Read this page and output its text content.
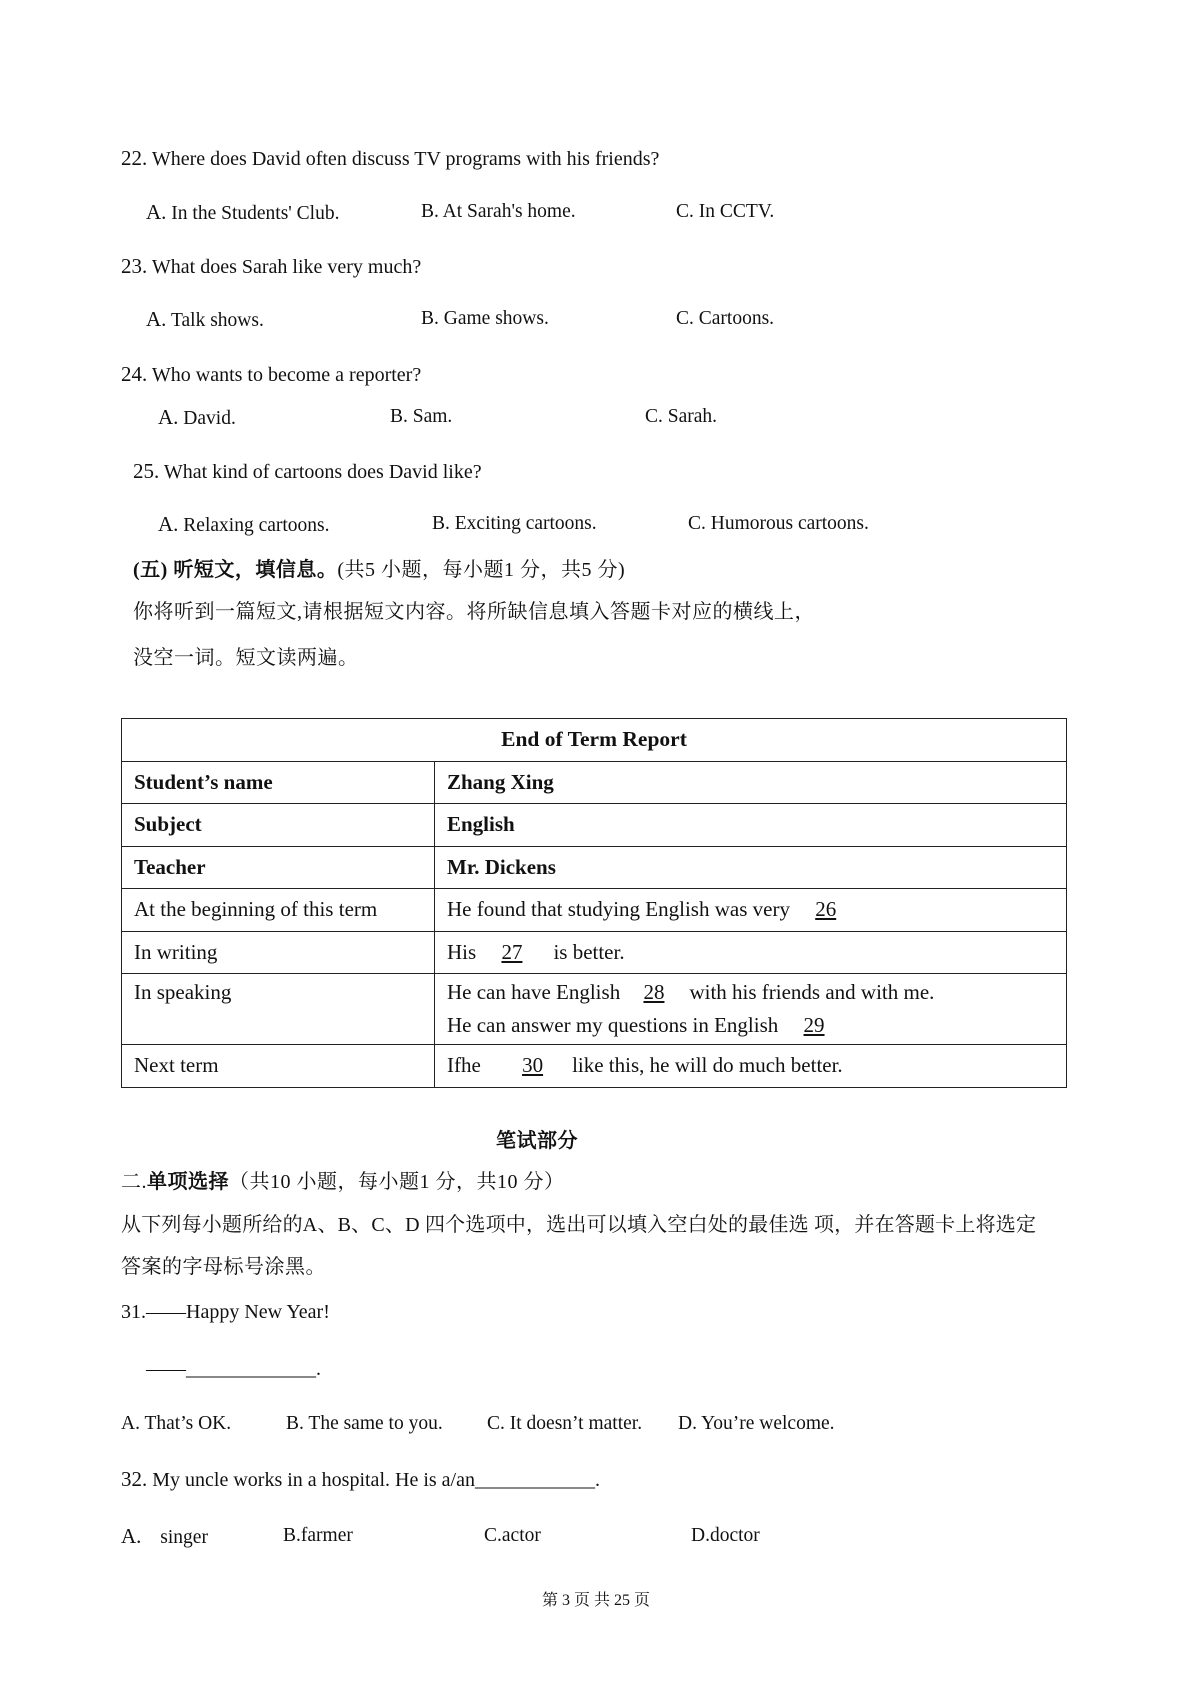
22. Where does David often discuss TV programs with his friends?
A. In the Students' Club.	B. At Sarah's home.	C. In CCTV.
23. What does Sarah like very much?
A. Talk shows.	B. Game shows.	C. Cartoons.
24. Who wants to become a reporter?
A. David.	B. Sam.	C. Sarah.
25. What kind of cartoons does David like?
A. Relaxing cartoons.	B. Exciting cartoons.	C. Humorous cartoons.
(五) 听短文，填信息。(共5 小题，每小题1 分，共5 分)
你将听到一篇短文,请根据短文内容。将所缺信息填入答题卡对应的横线上，
没空一词。短文读两遍。
End of Term Report	
Student’s name	Zhang Xing
Subject	English
Teacher	Mr. Dickens
At the beginning of this term	He found that studying English was very 26
In writing	His 27 is better.
In speaking	He can have English 28 with his friends and with me.
He can answer my questions in English 29

Next term	Ifhe 30 like this, he will do much better.
笔试部分
二.单项选择（共10 小题，每小题1 分，共10 分）
从下列每小题所给的A、B、C、D 四个选项中，选出可以填入空白处的最佳选 项，并在答题卡上将选定
答案的字母标号涂黑。
31.——Happy New Year!
——_____________.
A. That’s OK.	B. The same to you. C. It doesn’t matter. D. You’re welcome.
32. My uncle works in a hospital. He is a/an____________.
A. singer	B.farmer	C.actor	D.doctor
第 3 页 共 25 页
